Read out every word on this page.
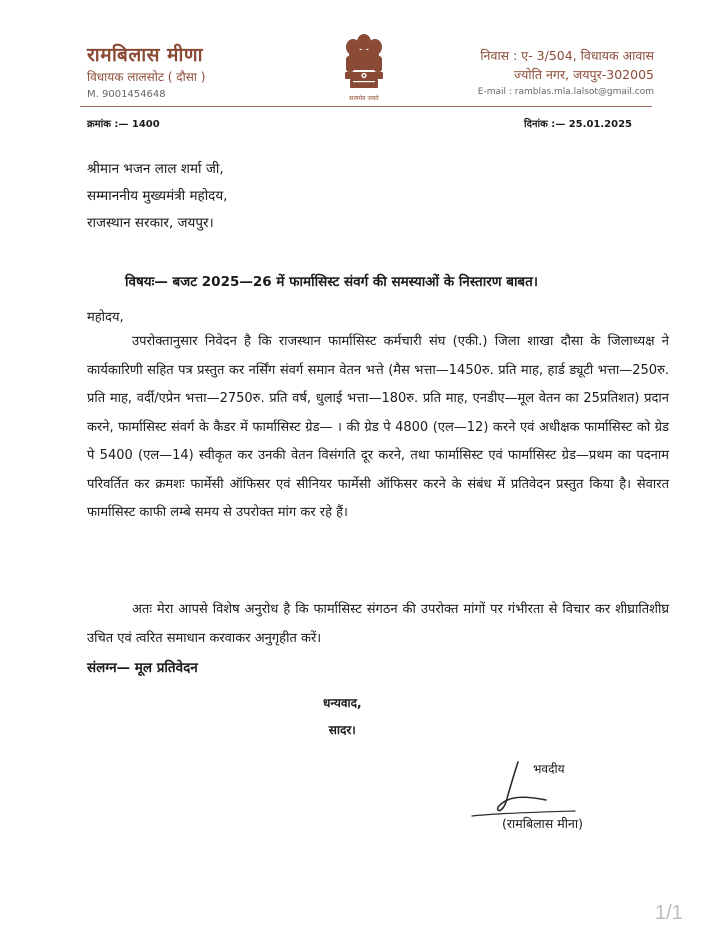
रामबिलास मीणा
विधायक लालसोट ( दौसा )
M. 9001454648	सत्यमेव जयते
निवास : ए- 3/504, विधायक आवास
ज्योति नगर, जयपुर-302005
E-mail : ramblas.mla.lalsot@gmail.com
क्रमांक :— 1400	दिनांक :— 25.01.2025
श्रीमान भजन लाल शर्मा जी,
सम्माननीय मुख्यमंत्री महोदय,
राजस्थान सरकार, जयपुर।
विषयः— बजट 2025—26 में फार्मासिस्ट संवर्ग की समस्याओं के निस्तारण बाबत।
महोदय,
उपरोक्तानुसार निवेदन है कि राजस्थान फार्मासिस्ट कर्मचारी संघ (एकी.) जिला शाखा दौसा के जिलाध्यक्ष ने कार्यकारिणी सहित पत्र प्रस्तुत कर नर्सिंग संवर्ग समान वेतन भत्ते (मैस भत्ता—1450रु. प्रति माह, हार्ड ड्यूटी भत्ता—250रु. प्रति माह, वर्दी/एप्रेन भत्ता—2750रु. प्रति वर्ष, धुलाई भत्ता—180रु. प्रति माह, एनडीए—मूल वेतन का 25प्रतिशत) प्रदान करने, फार्मासिस्ट संवर्ग के कैडर में फार्मासिस्ट ग्रेड— । की ग्रेड पे 4800 (एल—12) करने एवं अधीक्षक फार्मासिस्ट को ग्रेड पे 5400 (एल—14) स्वीकृत कर उनकी वेतन विसंगति दूर करने, तथा फार्मासिस्ट एवं फार्मासिस्ट ग्रेड—प्रथम का पदनाम परिवर्तित कर क्रमशः फार्मेसी ऑफिसर एवं सीनियर फार्मेसी ऑफिसर करने के संबंध में प्रतिवेदन प्रस्तुत किया है। सेवारत फार्मासिस्ट काफी लम्बे समय से उपरोक्त मांग कर रहे हैं।
अतः मेरा आपसे विशेष अनुरोध है कि फार्मासिस्ट संगठन की उपरोक्त मांगों पर गंभीरता से विचार कर शीघ्रातिशीघ्र उचित एवं त्वरित समाधान करवाकर अनुगृहीत करें।
संलग्न— मूल प्रतिवेदन
धन्यवाद,
सादर।
भवदीय
(रामबिलास मीना)
1/1
